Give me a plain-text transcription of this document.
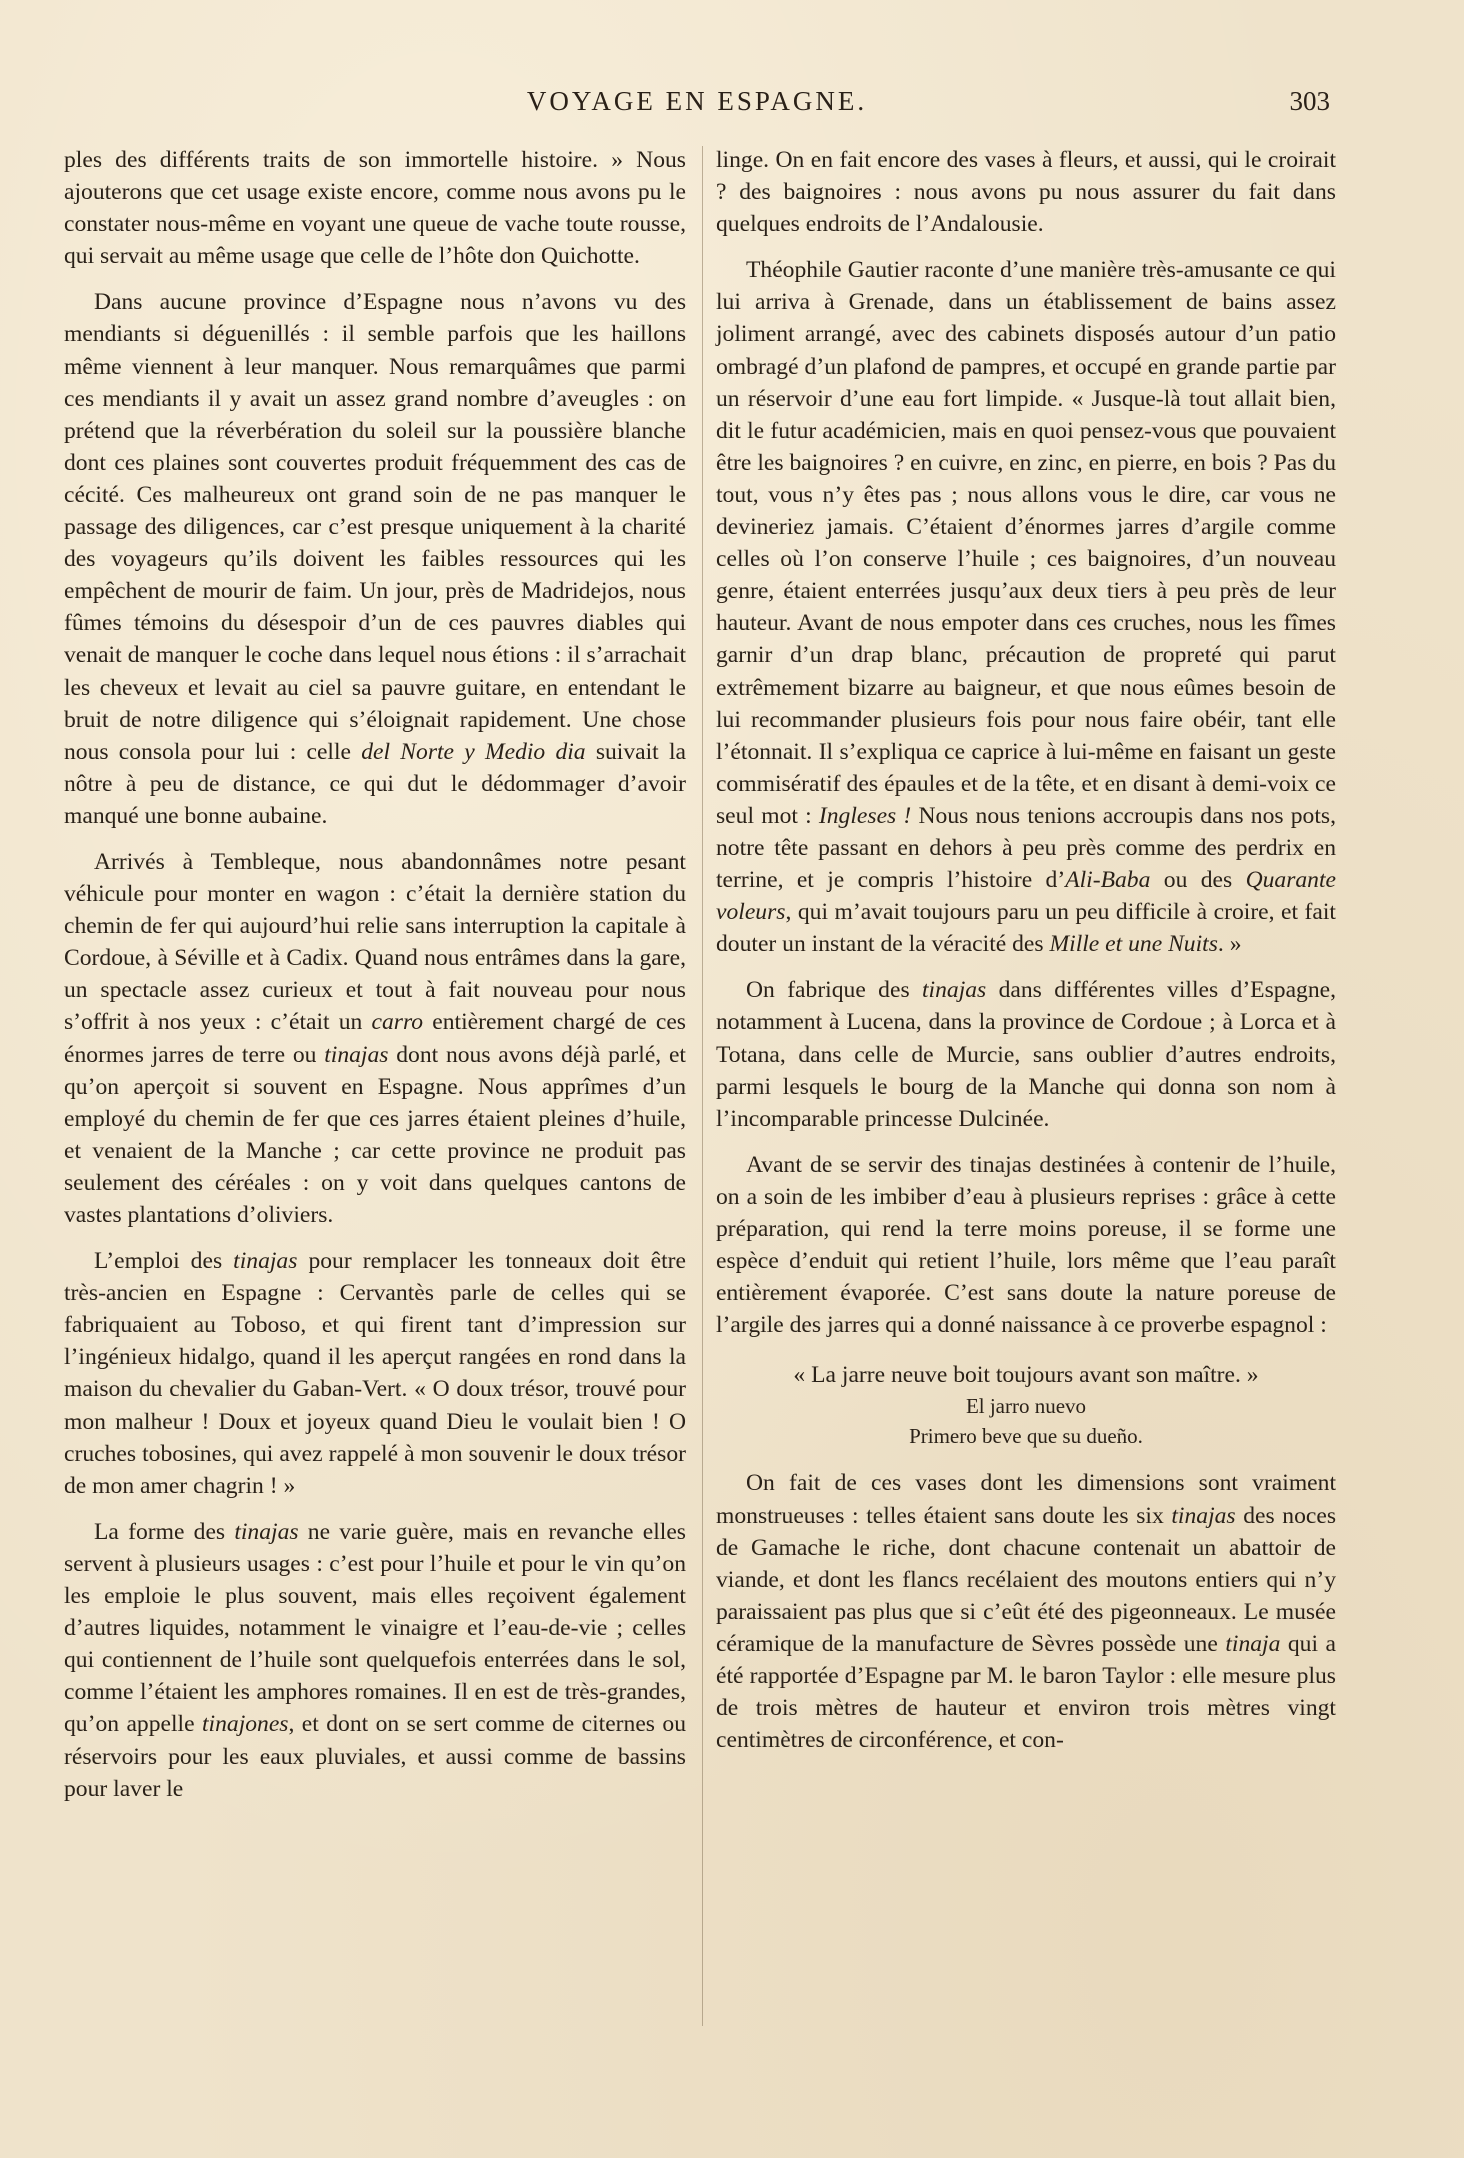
VOYAGE EN ESPAGNE.	303

ples des différents traits de son immortelle histoire. » Nous ajouterons que cet usage existe encore, comme nous avons pu le constater nous-même en voyant une queue de vache toute rousse, qui servait au même usage que celle de l’hôte don Quichotte.

Dans aucune province d’Espagne nous n’avons vu des mendiants si déguenillés : il semble parfois que les haillons même viennent à leur manquer. Nous remarquâmes que parmi ces mendiants il y avait un assez grand nombre d’aveugles : on prétend que la réverbération du soleil sur la poussière blanche dont ces plaines sont couvertes produit fréquemment des cas de cécité. Ces malheureux ont grand soin de ne pas manquer le passage des diligences, car c’est presque uniquement à la charité des voyageurs qu’ils doivent les faibles ressources qui les empêchent de mourir de faim. Un jour, près de Madridejos, nous fûmes témoins du désespoir d’un de ces pauvres diables qui venait de manquer le coche dans lequel nous étions : il s’arrachait les cheveux et levait au ciel sa pauvre guitare, en entendant le bruit de notre diligence qui s’éloignait rapidement. Une chose nous consola pour lui : celle del Norte y Medio dia suivait la nôtre à peu de distance, ce qui dut le dédommager d’avoir manqué une bonne aubaine.

Arrivés à Tembleque, nous abandonnâmes notre pesant véhicule pour monter en wagon : c’était la dernière station du chemin de fer qui aujourd’hui relie sans interruption la capitale à Cordoue, à Séville et à Cadix. Quand nous entrâmes dans la gare, un spectacle assez curieux et tout à fait nouveau pour nous s’offrit à nos yeux : c’était un carro entièrement chargé de ces énormes jarres de terre ou tinajas dont nous avons déjà parlé, et qu’on aperçoit si souvent en Espagne. Nous apprîmes d’un employé du chemin de fer que ces jarres étaient pleines d’huile, et venaient de la Manche ; car cette province ne produit pas seulement des céréales : on y voit dans quelques cantons de vastes plantations d’oliviers.

L’emploi des tinajas pour remplacer les tonneaux doit être très-ancien en Espagne : Cervantès parle de celles qui se fabriquaient au Toboso, et qui firent tant d’impression sur l’ingénieux hidalgo, quand il les aperçut rangées en rond dans la maison du chevalier du Gaban-Vert. « O doux trésor, trouvé pour mon malheur ! Doux et joyeux quand Dieu le voulait bien ! O cruches tobosines, qui avez rappelé à mon souvenir le doux trésor de mon amer chagrin ! »

La forme des tinajas ne varie guère, mais en revanche elles servent à plusieurs usages : c’est pour l’huile et pour le vin qu’on les emploie le plus souvent, mais elles reçoivent également d’autres liquides, notamment le vinaigre et l’eau-de-vie ; celles qui contiennent de l’huile sont quelquefois enterrées dans le sol, comme l’étaient les amphores romaines. Il en est de très-grandes, qu’on appelle tinajones, et dont on se sert comme de citernes ou réservoirs pour les eaux pluviales, et aussi comme de bassins pour laver le

linge. On en fait encore des vases à fleurs, et aussi, qui le croirait ? des baignoires : nous avons pu nous assurer du fait dans quelques endroits de l’Andalousie.

Théophile Gautier raconte d’une manière très-amusante ce qui lui arriva à Grenade, dans un établissement de bains assez joliment arrangé, avec des cabinets disposés autour d’un patio ombragé d’un plafond de pampres, et occupé en grande partie par un réservoir d’une eau fort limpide. « Jusque-là tout allait bien, dit le futur académicien, mais en quoi pensez-vous que pouvaient être les baignoires ? en cuivre, en zinc, en pierre, en bois ? Pas du tout, vous n’y êtes pas ; nous allons vous le dire, car vous ne devineriez jamais. C’étaient d’énormes jarres d’argile comme celles où l’on conserve l’huile ; ces baignoires, d’un nouveau genre, étaient enterrées jusqu’aux deux tiers à peu près de leur hauteur. Avant de nous empoter dans ces cruches, nous les fîmes garnir d’un drap blanc, précaution de propreté qui parut extrêmement bizarre au baigneur, et que nous eûmes besoin de lui recommander plusieurs fois pour nous faire obéir, tant elle l’étonnait. Il s’expliqua ce caprice à lui-même en faisant un geste commisératif des épaules et de la tête, et en disant à demi-voix ce seul mot : Ingleses ! Nous nous tenions accroupis dans nos pots, notre tête passant en dehors à peu près comme des perdrix en terrine, et je compris l’histoire d’Ali-Baba ou des Quarante voleurs, qui m’avait toujours paru un peu difficile à croire, et fait douter un instant de la véracité des Mille et une Nuits. »

On fabrique des tinajas dans différentes villes d’Espagne, notamment à Lucena, dans la province de Cordoue ; à Lorca et à Totana, dans celle de Murcie, sans oublier d’autres endroits, parmi lesquels le bourg de la Manche qui donna son nom à l’incomparable princesse Dulcinée.

Avant de se servir des tinajas destinées à contenir de l’huile, on a soin de les imbiber d’eau à plusieurs reprises : grâce à cette préparation, qui rend la terre moins poreuse, il se forme une espèce d’enduit qui retient l’huile, lors même que l’eau paraît entièrement évaporée. C’est sans doute la nature poreuse de l’argile des jarres qui a donné naissance à ce proverbe espagnol :

« La jarre neuve boit toujours avant son maître. »

El jarro nuevo
Primero beve que su dueño.

On fait de ces vases dont les dimensions sont vraiment monstrueuses : telles étaient sans doute les six tinajas des noces de Gamache le riche, dont chacune contenait un abattoir de viande, et dont les flancs recélaient des moutons entiers qui n’y paraissaient pas plus que si c’eût été des pigeonneaux. Le musée céramique de la manufacture de Sèvres possède une tinaja qui a été rapportée d’Espagne par M. le baron Taylor : elle mesure plus de trois mètres de hauteur et environ trois mètres vingt centimètres de circonférence, et con-
